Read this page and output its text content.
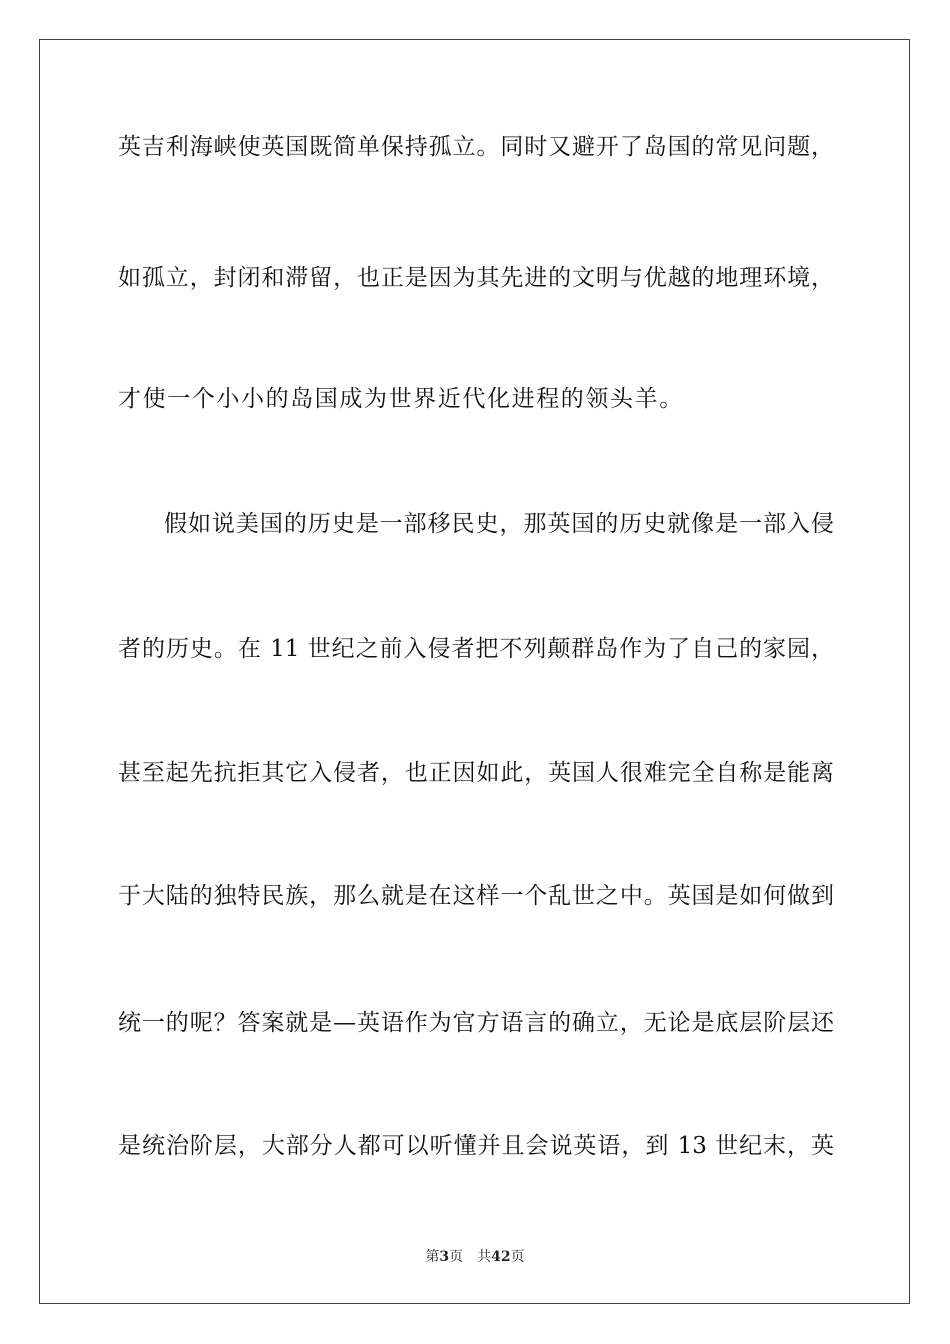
英吉利海峡使英国既简单保持孤立。同时又避开了岛国的常见问题，
如孤立，封闭和滞留，也正是因为其先进的文明与优越的地理环境，
才使一个小小的岛国成为世界近代化进程的领头羊。
假如说美国的历史是一部移民史，那英国的历史就像是一部入侵
者的历史。在 11 世纪之前入侵者把不列颠群岛作为了自己的家园，
甚至起先抗拒其它入侵者，也正因如此，英国人很难完全自称是能离
于大陆的独特民族，那么就是在这样一个乱世之中。英国是如何做到
统一的呢？答案就是—英语作为官方语言的确立，无论是底层阶层还
是统治阶层，大部分人都可以听懂并且会说英语，到 13 世纪末，英
第3页 共42页
